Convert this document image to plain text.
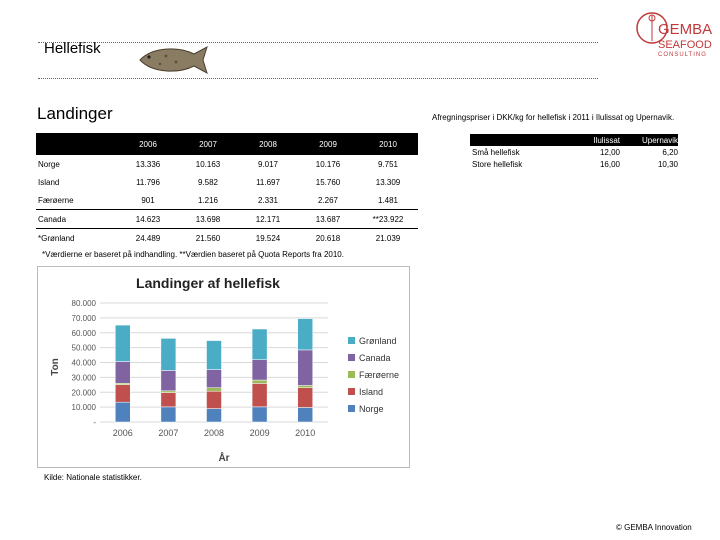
Hellefisk
GEMBA
SEAFOOD
CONSULTING
Landinger	Afregningspriser i DKK/kg for hellefisk i 2011 i Ilulissat og Upernavik.
	2006	2007	2008	2009	2010
Norge	13.336	10.163	9.017	10.176	9.751
Island	11.796	9.582	11.697	15.760	13.309
Færøerne	901	1.216	2.331	2.267	1.481
Canada	14.623	13.698	12.171	13.687	**23.922
*Grønland	24.489	21.560	19.524	20.618	21.039
*Værdierne er baseret på indhandling. **Værdien baseret på Quota Reports fra 2010.
	Ilulissat	Upernavik
Små hellefisk	12,00	6,20
Store hellefisk	16,00	10,30
Landinger af hellefisk
År
Ton
-
10.000
20.000
30.000
40.000
50.000
60.000
70.000
80.000
2006	2007	2008	2009	2010
Grønland
Canada
Færøerne
Island
Norge
Kilde: Nationale statistikker.
© GEMBA Innovation
